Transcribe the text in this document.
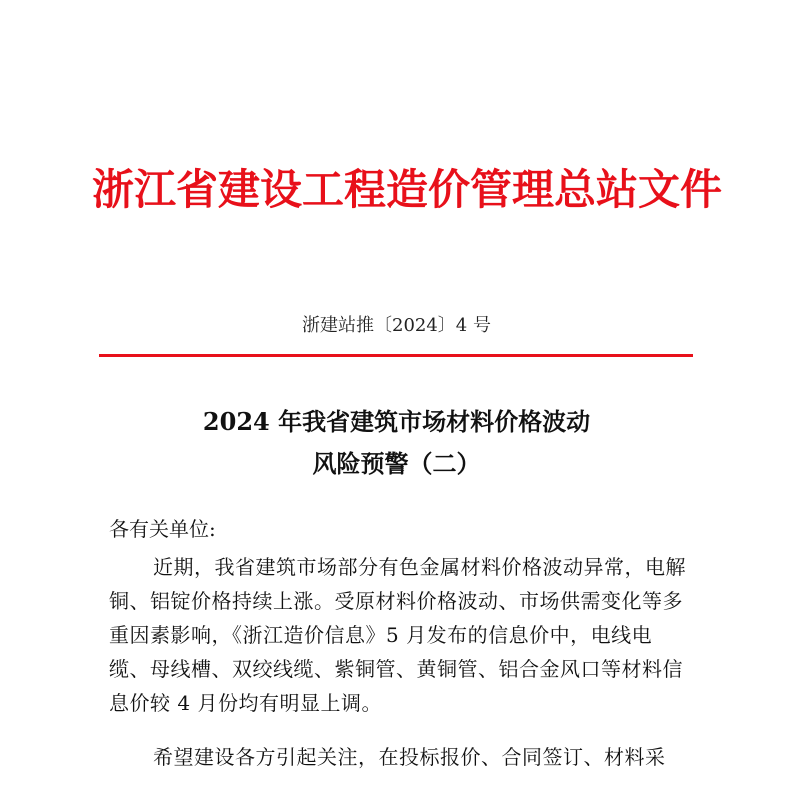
浙江省建设工程造价管理总站文件
浙建站推〔2024〕4 号
2024 年我省建筑市场材料价格波动
风险预警（二）
各有关单位:
近期，我省建筑市场部分有色金属材料价格波动异常，电解铜、铝锭价格持续上涨。受原材料价格波动、市场供需变化等多重因素影响，《浙江造价信息》5 月发布的信息价中，电线电缆、母线槽、双绞线缆、紫铜管、黄铜管、铝合金风口等材料信息价较 4 月份均有明显上调。
希望建设各方引起关注，在投标报价、合同签订、材料采
